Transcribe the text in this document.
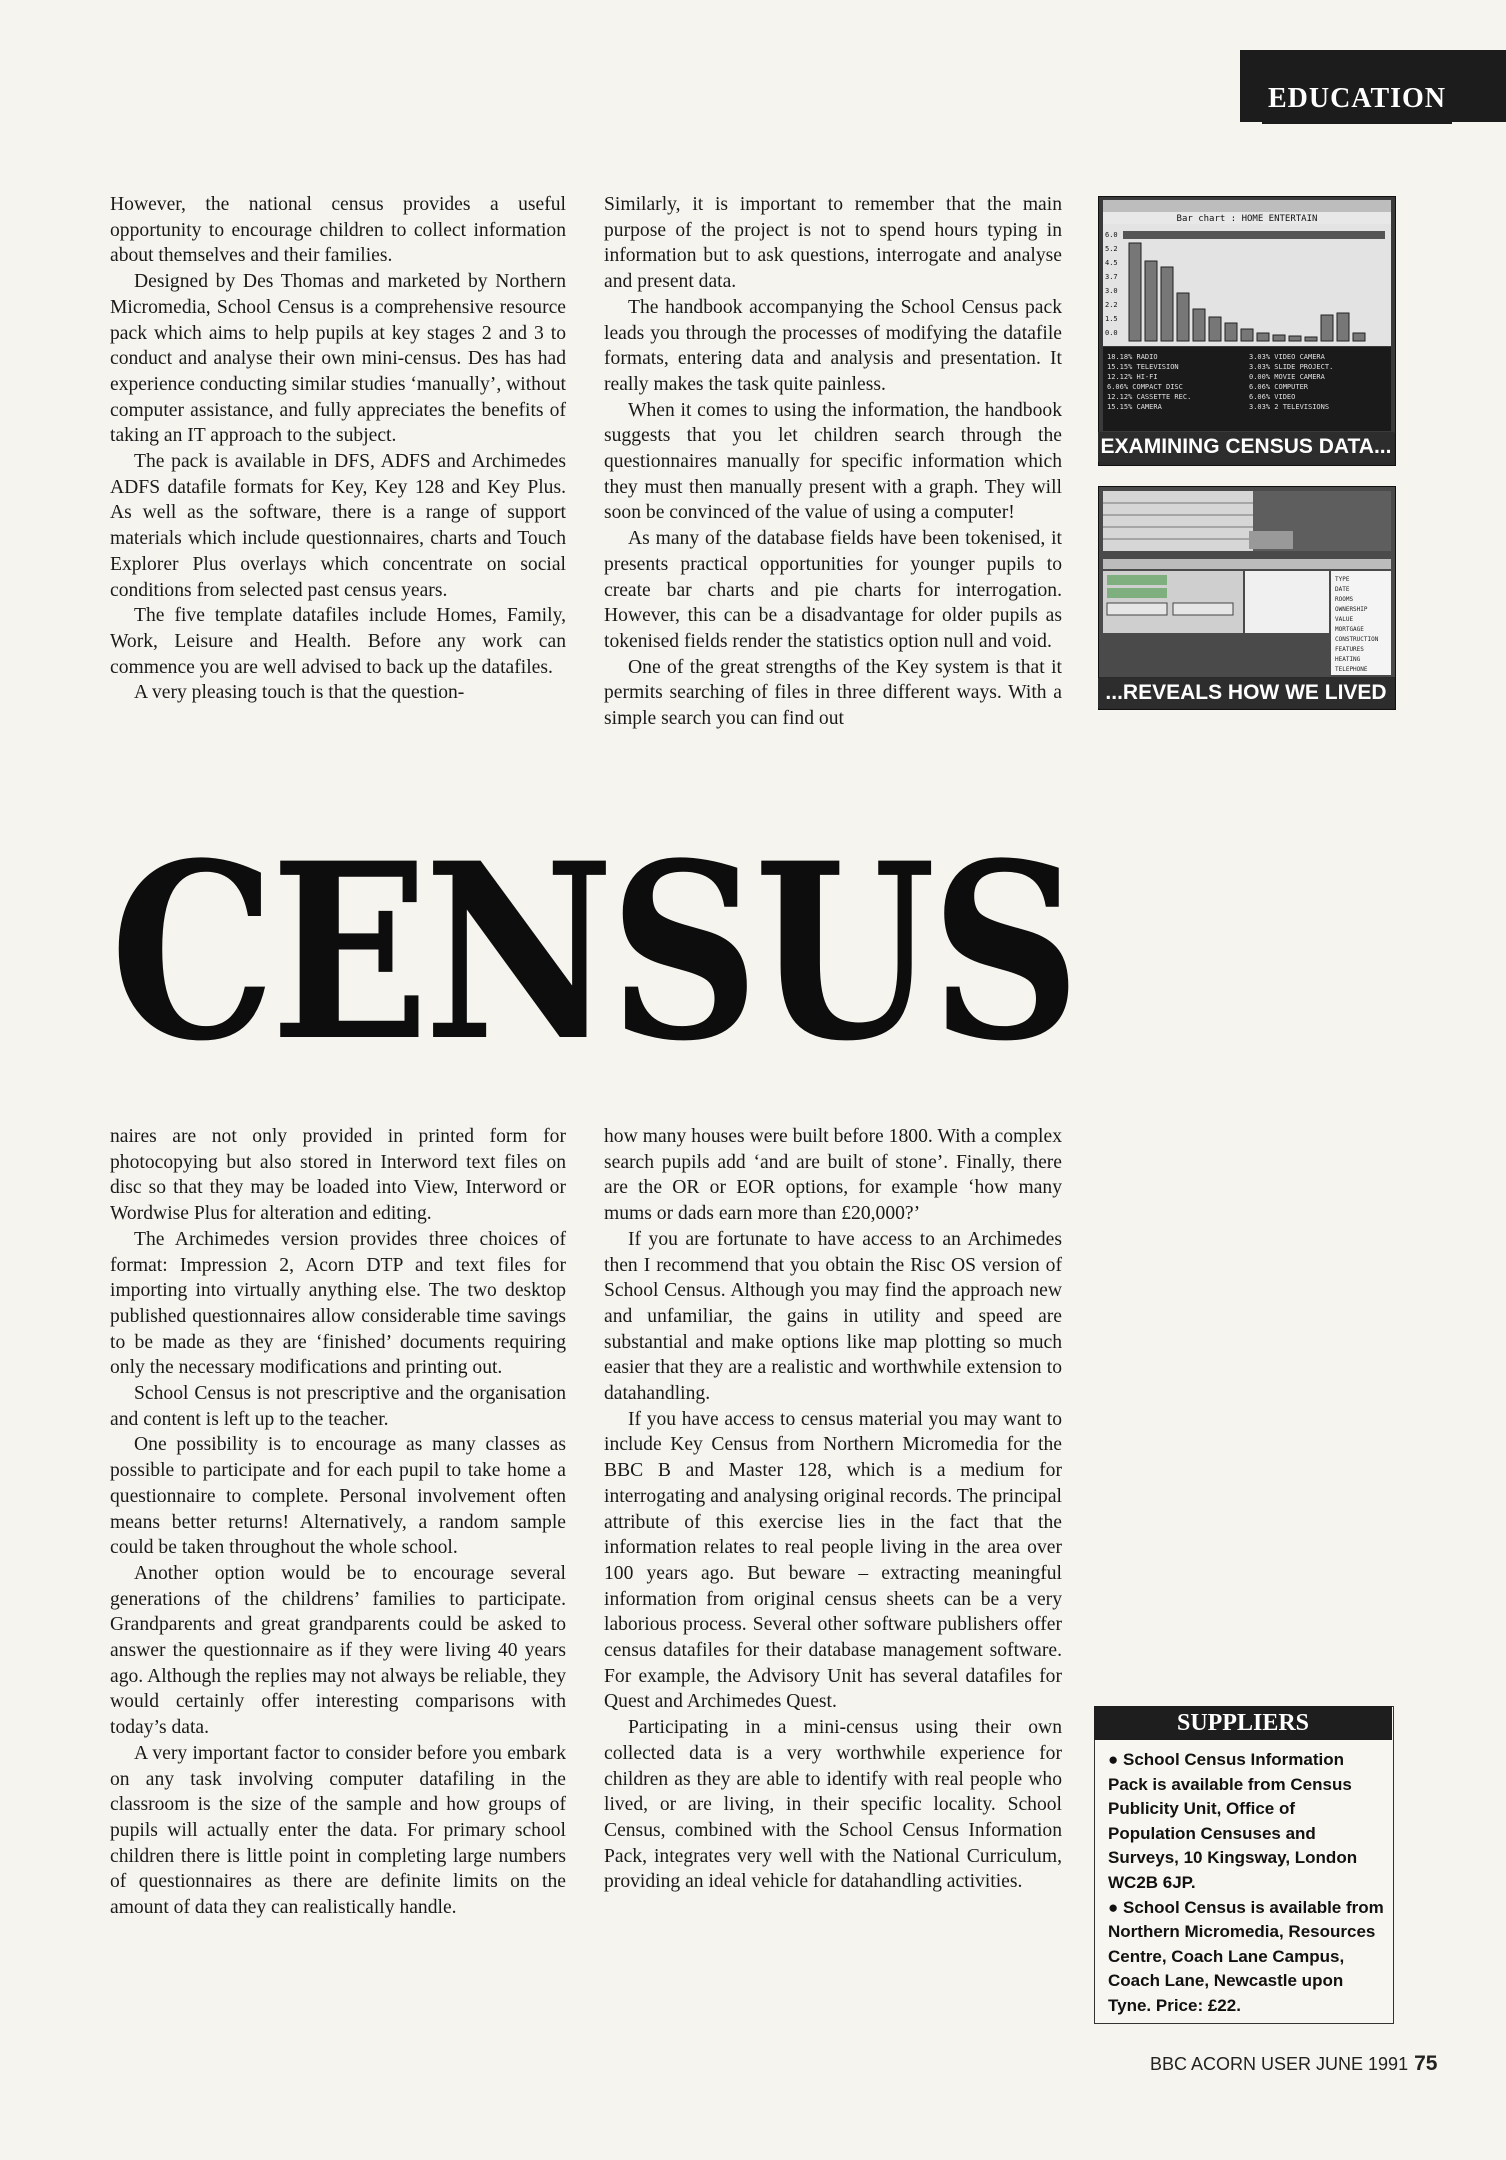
EDUCATION

However, the national census provides a useful opportunity to encourage children to collect information about themselves and their families.

Designed by Des Thomas and marketed by Northern Micromedia, School Census is a comprehensive resource pack which aims to help pupils at key stages 2 and 3 to conduct and analyse their own mini-census. Des has had experience conducting similar studies ‘manually’, without computer assistance, and fully appreciates the benefits of taking an IT approach to the subject.

The pack is available in DFS, ADFS and Archimedes ADFS datafile formats for Key, Key 128 and Key Plus. As well as the software, there is a range of support materials which include questionnaires, charts and Touch Explorer Plus overlays which concentrate on social conditions from selected past census years.

The five template datafiles include Homes, Family, Work, Leisure and Health. Before any work can commence you are well advised to back up the datafiles.

A very pleasing touch is that the question-

Similarly, it is important to remember that the main purpose of the project is not to spend hours typing in information but to ask questions, interrogate and analyse and present data.

The handbook accompanying the School Census pack leads you through the processes of modifying the datafile formats, entering data and analysis and presentation. It really makes the task quite painless.

When it comes to using the information, the handbook suggests that you let children search through the questionnaires manually for specific information which they must then manually present with a graph. They will soon be convinced of the value of using a computer!

As many of the database fields have been tokenised, it presents practical opportunities for younger pupils to create bar charts and pie charts for interrogation. However, this can be a disadvantage for older pupils as tokenised fields render the statistics option null and void.

One of the great strengths of the Key system is that it permits searching of files in three different ways. With a simple search you can find out

CENSUS

naires are not only provided in printed form for photocopying but also stored in Interword text files on disc so that they may be loaded into View, Interword or Wordwise Plus for alteration and editing.

The Archimedes version provides three choices of format: Impression 2, Acorn DTP and text files for importing into virtually anything else. The two desktop published questionnaires allow considerable time savings to be made as they are ‘finished’ documents requiring only the necessary modifications and printing out.

School Census is not prescriptive and the organisation and content is left up to the teacher.

One possibility is to encourage as many classes as possible to participate and for each pupil to take home a questionnaire to complete. Personal involvement often means better returns! Alternatively, a random sample could be taken throughout the whole school.

Another option would be to encourage several generations of the childrens’ families to participate. Grandparents and great grandparents could be asked to answer the questionnaire as if they were living 40 years ago. Although the replies may not always be reliable, they would certainly offer interesting comparisons with today’s data.

A very important factor to consider before you embark on any task involving computer datafiling in the classroom is the size of the sample and how groups of pupils will actually enter the data. For primary school children there is little point in completing large numbers of questionnaires as there are definite limits on the amount of data they can realistically handle.

how many houses were built before 1800. With a complex search pupils add ‘and are built of stone’. Finally, there are the OR or EOR options, for example ‘how many mums or dads earn more than £20,000?’

If you are fortunate to have access to an Archimedes then I recommend that you obtain the Risc OS version of School Census. Although you may find the approach new and unfamiliar, the gains in utility and speed are substantial and make options like map plotting so much easier that they are a realistic and worthwhile extension to datahandling.

If you have access to census material you may want to include Key Census from Northern Micromedia for the BBC B and Master 128, which is a medium for interrogating and analysing original records. The principal attribute of this exercise lies in the fact that the information relates to real people living in the area over 100 years ago. But beware – extracting meaningful information from original census sheets can be a very laborious process. Several other software publishers offer census datafiles for their database management software. For example, the Advisory Unit has several datafiles for Quest and Archimedes Quest.

Participating in a mini-census using their own collected data is a very worthwhile experience for children as they are able to identify with real people who lived, or are living, in their specific locality. School Census, combined with the School Census Information Pack, integrates very well with the National Curriculum, providing an ideal vehicle for datahandling activities.

Bar chart : HOME ENTERTAIN
6.0
5.2
4.5
3.7
3.0
2.2
1.5
0.0
18.18% RADIO	3.03% VIDEO CAMERA
15.15% TELEVISION	3.03% SLIDE PROJECT.
12.12% HI-FI	0.00% MOVIE CAMERA
6.06% COMPACT DISC	6.06% COMPUTER
12.12% CASSETTE REC.	6.06% VIDEO
15.15% CAMERA	3.03% 2 TELEVISIONS
EXAMINING CENSUS DATA...
TYPE
DATE
ROOMS
OWNERSHIP
VALUE
MORTGAGE
CONSTRUCTION
FEATURES
HEATING
TELEPHONE
...REVEALS HOW WE LIVED
SUPPLIERS

● School Census Information Pack is available from Census Publicity Unit, Office of Population Censuses and Surveys, 10 Kingsway, London WC2B 6JP.

● School Census is available from Northern Micromedia, Resources Centre, Coach Lane Campus, Coach Lane, Newcastle upon Tyne. Price: £22.

BBC ACORN USER JUNE 1991 75
